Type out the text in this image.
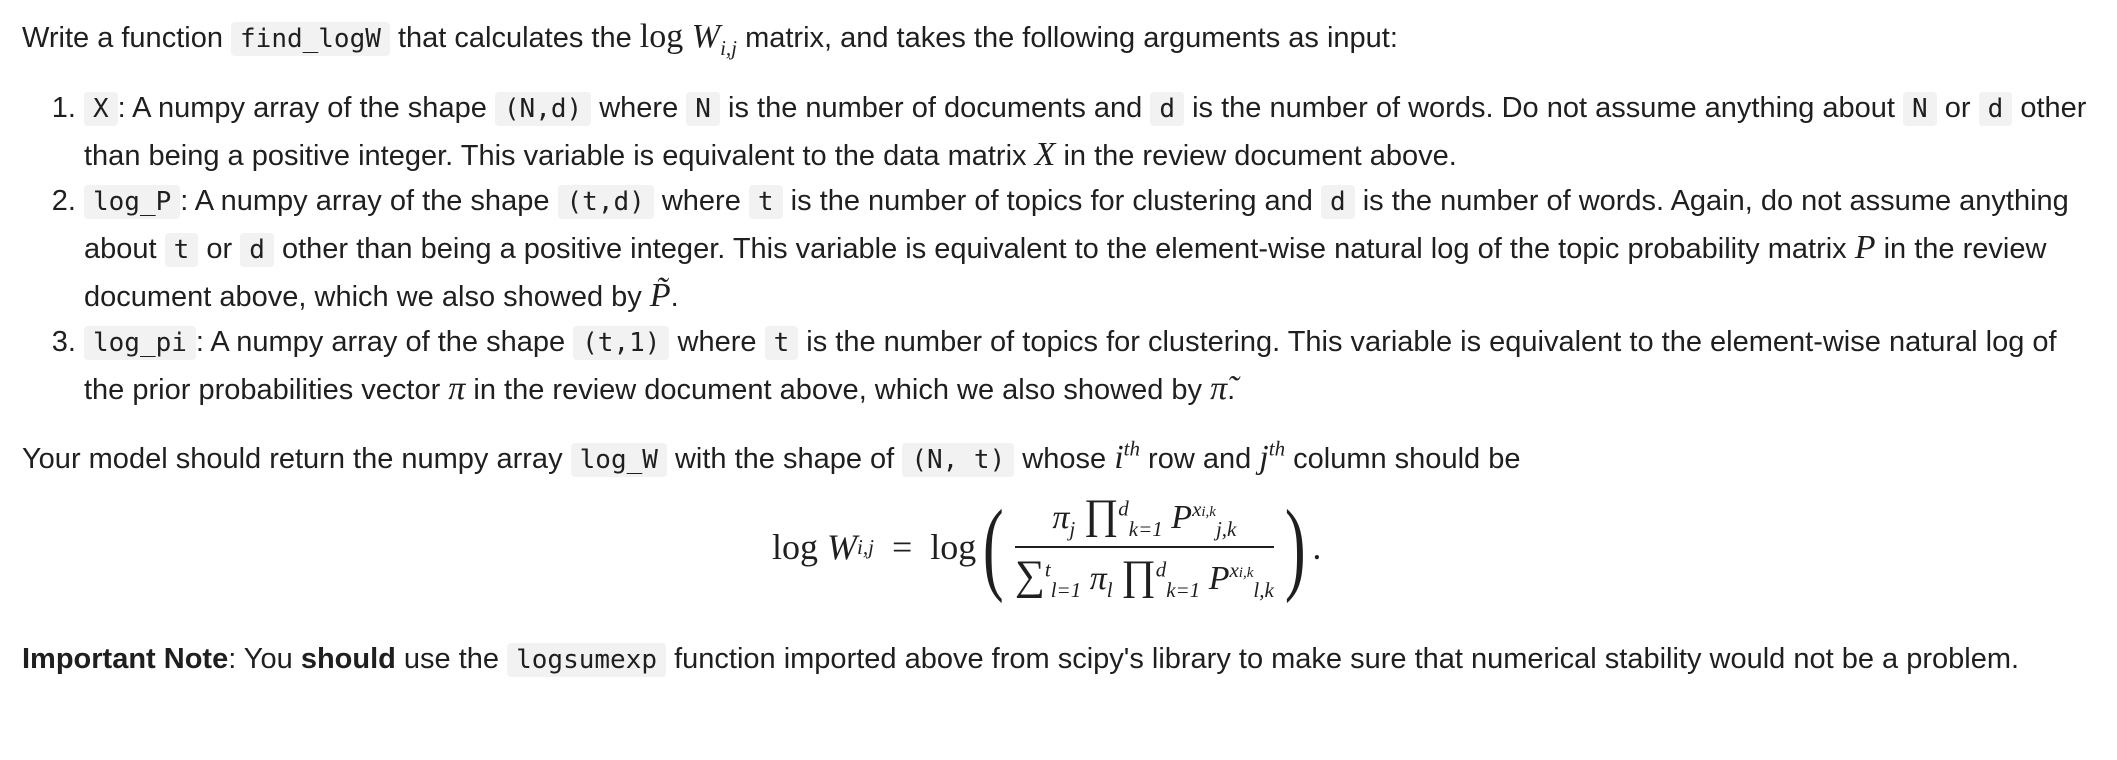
Write a function find_logW that calculates the $\log W_{i,j}$ matrix, and takes the following arguments as input:

1. X : A numpy array of the shape (N,d) where N is the number of documents and d is the number of words. Do not assume anything about N or d other than being a positive integer. This variable is equivalent to the data matrix X in the review document above.
2. log_P : A numpy array of the shape (t,d) where t is the number of topics for clustering and d is the number of words. Again, do not assume anything about t or d other than being a positive integer. This variable is equivalent to the element-wise natural log of the topic probability matrix P in the review document above, which we also showed by P̃.
3. log_pi : A numpy array of the shape (t,1) where t is the number of topics for clustering. This variable is equivalent to the element-wise natural log of the prior probabilities vector π in the review document above, which we also showed by π̃.

Your model should return the numpy array log_W with the shape of (N, t) whose $i^{th}$ row and $j^{th}$ column should be

log
W i,j
=
log ( $\frac{\pi_j \prod^d_{k=1} P^{xi,k}_{j,k}}{\sum^t_{l=1} \pi_l \prod^d_{k=1} P^{xi,k}_{l,k}}$ ) .

Important Note: You should use the logsumexp function imported above from scipy's library to make sure that numerical stability would not be a problem.
